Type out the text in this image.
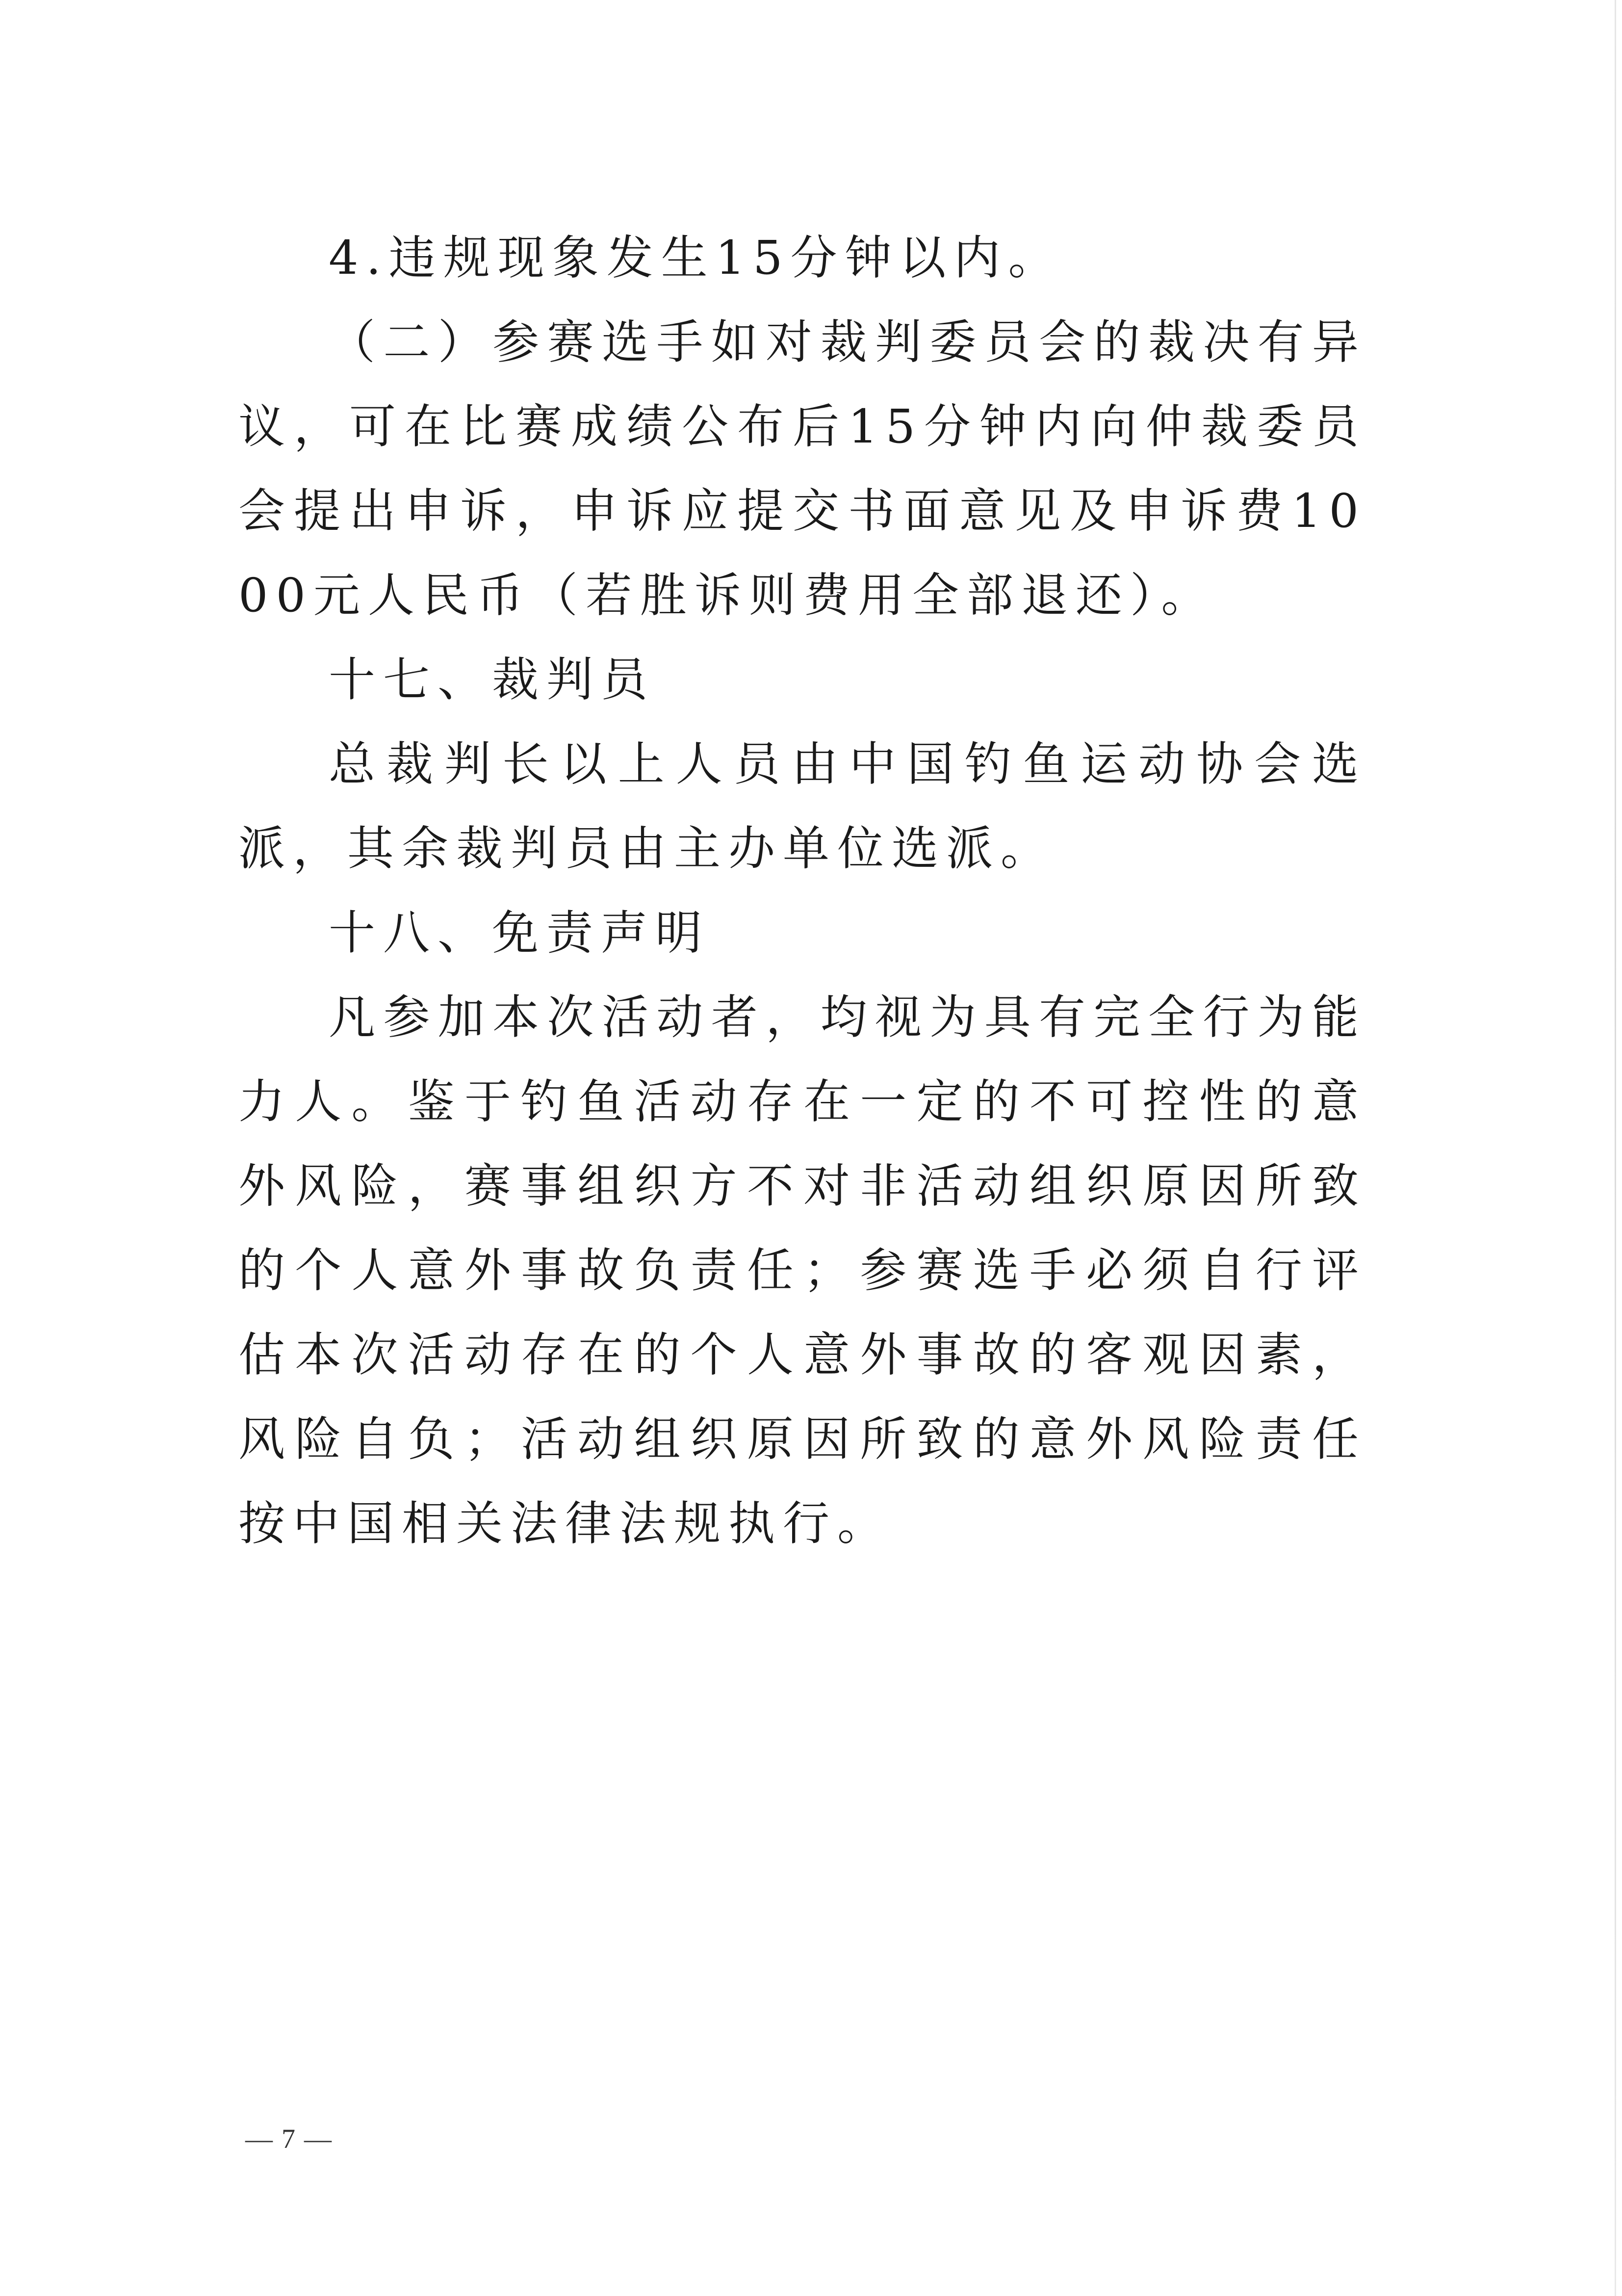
4.违规现象发生15分钟以内。

（二）参赛选手如对裁判委员会的裁决有异议，可在比赛成绩公布后15分钟内向仲裁委员会提出申诉，申诉应提交书面意见及申诉费1000元人民币（若胜诉则费用全部退还）。

十七、裁判员

总裁判长以上人员由中国钓鱼运动协会选派，其余裁判员由主办单位选派。

十八、免责声明

凡参加本次活动者，均视为具有完全行为能力人。鉴于钓鱼活动存在一定的不可控性的意外风险，赛事组织方不对非活动组织原因所致的个人意外事故负责任；参赛选手必须自行评估本次活动存在的个人意外事故的客观因素，风险自负；活动组织原因所致的意外风险责任按中国相关法律法规执行。

— 7 —
